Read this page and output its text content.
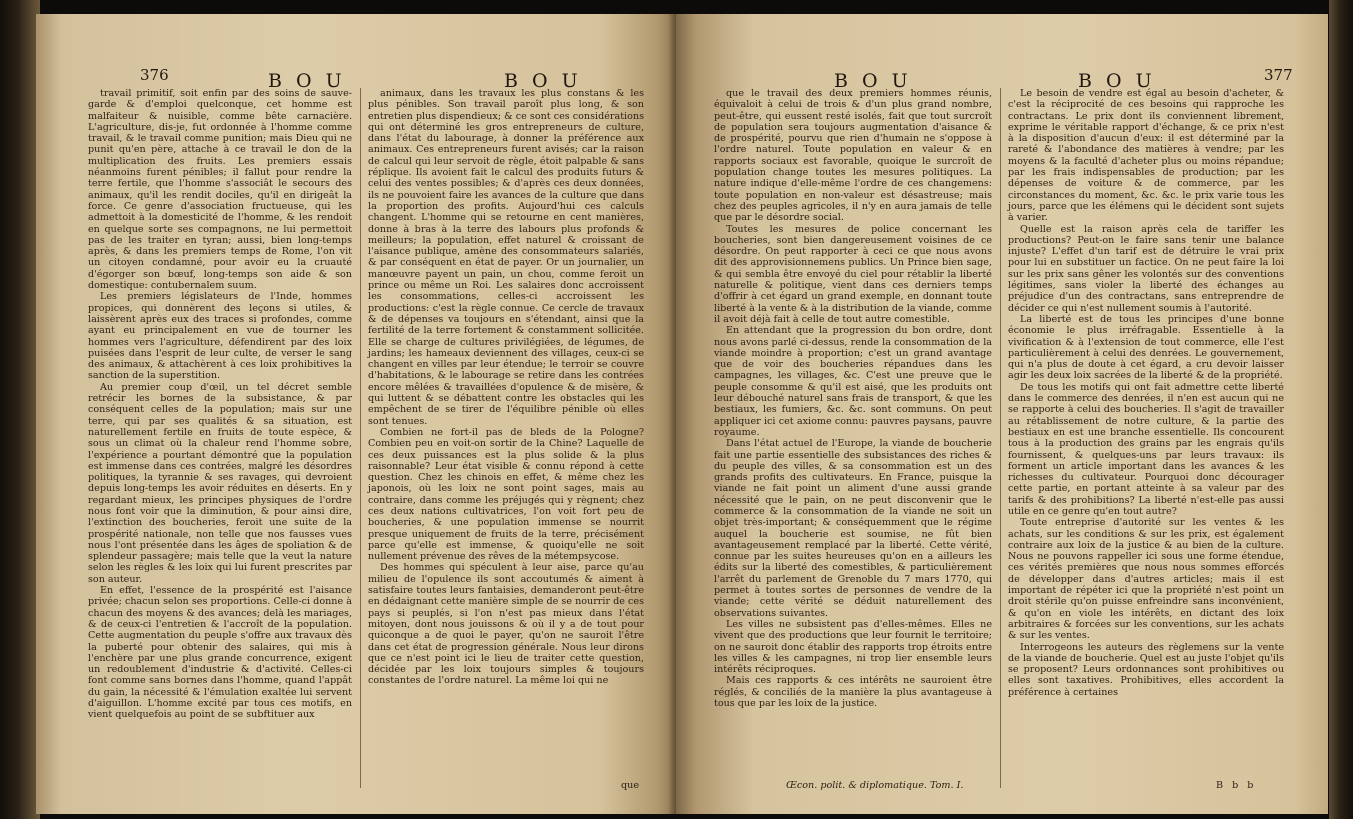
376	B O U	B O U

travail primitif, soit enfin par des soins de sauve-garde & d'emploi quelconque, cet homme est malfaiteur & nuisible, comme bête carnacière. L'agriculture, dis-je, fut ordonnée à l'homme comme travail, & le travail comme punition; mais Dieu qui ne punit qu'en père, attache à ce travail le don de la multiplication des fruits. Les premiers essais néanmoins furent pénibles; il fallut pour rendre la terre fertile, que l'homme s'associât le secours des animaux, qu'il les rendit dociles, qu'il en dirigeât la force. Ce genre d'association fructueuse, qui les admettoit à la domesticité de l'homme, & les rendoit en quelque sorte ses compagnons, ne lui permettoit pas de les traiter en tyran; aussi, bien long-temps après, & dans les premiers temps de Rome, l'on vit un citoyen condamné, pour avoir eu la cruauté d'égorger son bœuf, long-temps son aide & son domestique: contubernalem suum.

Les premiers législateurs de l'Inde, hommes propices, qui donnèrent des leçons si utiles, & laissèrent après eux des traces si profondes, comme ayant eu principalement en vue de tourner les hommes vers l'agriculture, défendirent par des loix puisées dans l'esprit de leur culte, de verser le sang des animaux, & attachèrent à ces loix prohibitives la sanction de la superstition.

Au premier coup d'œil, un tel décret semble retrécir les bornes de la subsistance, & par conséquent celles de la population; mais sur une terre, qui par ses qualités & sa situation, est naturellement fertile en fruits de toute espèce, & sous un climat où la chaleur rend l'homme sobre, l'expérience a pourtant démontré que la population est immense dans ces contrées, malgré les désordres politiques, la tyrannie & ses ravages, qui devroient depuis long-temps les avoir réduites en déserts. En y regardant mieux, les principes physiques de l'ordre nous font voir que la diminution, & pour ainsi dire, l'extinction des boucheries, feroit une suite de la prospérité nationale, non telle que nos fausses vues nous l'ont présentée dans les âges de spoliation & de splendeur passagère; mais telle que la veut la nature selon les règles & les loix qui lui furent prescrites par son auteur.

En effet, l'essence de la prospérité est l'aisance privée; chacun selon ses proportions. Celle-ci donne à chacun des moyens & des avances; delà les mariages, & de ceux-ci l'entretien & l'accroît de la population. Cette augmentation du peuple s'offre aux travaux dès la puberté pour obtenir des salaires, qui mis à l'enchère par une plus grande concurrence, exigent un redoublement d'industrie & d'activité. Celles-ci font comme sans bornes dans l'homme, quand l'appât du gain, la nécessité & l'émulation exaltée lui servent d'aiguillon. L'homme excité par tous ces motifs, en vient quelquefois au point de se subftituer aux

animaux, dans les travaux les plus constans & les plus pénibles. Son travail paroît plus long, & son entretien plus dispendieux; & ce sont ces considérations qui ont déterminé les gros entrepreneurs de culture, dans l'état du labourage, à donner la préférence aux animaux. Ces entrepreneurs furent avisés; car la raison de calcul qui leur servoit de règle, étoit palpable & sans réplique. Ils avoient fait le calcul des produits futurs & celui des ventes possibles; & d'après ces deux données, ils ne pouvoient faire les avances de la culture que dans la proportion des profits. Aujourd'hui ces calculs changent. L'homme qui se retourne en cent manières, donne à bras à la terre des labours plus profonds & meilleurs; la population, effet naturel & croissant de l'aisance publique, amène des consommateurs salariés, & par conséquent en état de payer. Or un journalier, un manœuvre payent un pain, un chou, comme feroit un prince ou même un Roi. Les salaires donc accroissent les consommations, celles-ci accroissent les productions: c'est la règle connue. Ce cercle de travaux & de dépenses va toujours en s'étendant, ainsi que la fertilité de la terre fortement & constamment sollicitée. Elle se charge de cultures privilégiées, de légumes, de jardins; les hameaux deviennent des villages, ceux-ci se changent en villes par leur étendue; le terroir se couvre d'habitations, & le labourage se retire dans les contrées encore mêlées & travaillées d'opulence & de misère, & qui luttent & se débattent contre les obstacles qui les empêchent de se tirer de l'équilibre pénible où elles sont tenues.

Combien ne fort-il pas de bleds de la Pologne? Combien peu en voit-on sortir de la Chine? Laquelle de ces deux puissances est la plus solide & la plus raisonnable? Leur état visible & connu répond à cette question. Chez les chinois en effet, & même chez les japonois, où les loix ne sont point sages, mais au contraire, dans comme les préjugés qui y règnent; chez ces deux nations cultivatrices, l'on voit fort peu de boucheries, & une population immense se nourrit presque uniquement de fruits de la terre, précisément parce qu'elle est immense, & quoiqu'elle ne soit nullement prévenue des rêves de la métempsycose.

Des hommes qui spéculent à leur aise, parce qu'au milieu de l'opulence ils sont accoutumés & aiment à satisfaire toutes leurs fantaisies, demanderont peut-être en dédaignant cette manière simple de se nourrir de ces pays si peuplés, si l'on n'est pas mieux dans l'état mitoyen, dont nous jouissons & où il y a de tout pour quiconque a de quoi le payer, qu'on ne sauroit l'être dans cet état de progression générale. Nous leur dirons que ce n'est point ici le lieu de traiter cette question, décidée par les loix toujours simples & toujours constantes de l'ordre naturel. La même loi qui ne

que
B O U	B O U	377

que le travail des deux premiers hommes réunis, équivaloit à celui de trois & d'un plus grand nombre, peut-être, qui eussent resté isolés, fait que tout surcroît de population sera toujours augmentation d'aisance & de prospérité, pourvu que rien d'humain ne s'oppose à l'ordre naturel. Toute population en valeur & en rapports sociaux est favorable, quoique le surcroît de population change toutes les mesures politiques. La nature indique d'elle-même l'ordre de ces changemens: toute population en non-valeur est désastreuse; mais chez des peuples agricoles, il n'y en aura jamais de telle que par le désordre social.

Toutes les mesures de police concernant les boucheries, sont bien dangereusement voisines de ce désordre. On peut rapporter à ceci ce que nous avons dit des approvisionnemens publics. Un Prince bien sage, & qui sembla être envoyé du ciel pour rétablir la liberté naturelle & politique, vient dans ces derniers temps d'offrir à cet égard un grand exemple, en donnant toute liberté à la vente & à la distribution de la viande, comme il avoit déjà fait à celle de tout autre comestible.

En attendant que la progression du bon ordre, dont nous avons parlé ci-dessus, rende la consommation de la viande moindre à proportion; c'est un grand avantage que de voir des boucheries répandues dans les campagnes, les villages, &c. C'est une preuve que le peuple consomme & qu'il est aisé, que les produits ont leur débouché naturel sans frais de transport, & que les bestiaux, les fumiers, &c. &c. sont communs. On peut appliquer ici cet axiome connu: pauvres paysans, pauvre royaume.

Dans l'état actuel de l'Europe, la viande de boucherie fait une partie essentielle des subsistances des riches & du peuple des villes, & sa consommation est un des grands profits des cultivateurs. En France, puisque la viande ne fait point un aliment d'une aussi grande nécessité que le pain, on ne peut disconvenir que le commerce & la consommation de la viande ne soit un objet très-important; & conséquemment que le régime auquel la boucherie est soumise, ne fût bien avantageusement remplacé par la liberté. Cette vérité, connue par les suites heureuses qu'on en a ailleurs les édits sur la liberté des comestibles, & particulièrement l'arrêt du parlement de Grenoble du 7 mars 1770, qui permet à toutes sortes de personnes de vendre de la viande; cette vérité se déduit naturellement des observations suivantes.

Les villes ne subsistent pas d'elles-mêmes. Elles ne vivent que des productions que leur fournit le territoire; on ne sauroit donc établir des rapports trop étroits entre les villes & les campagnes, ni trop lier ensemble leurs intérêts réciproques.

Mais ces rapports & ces intérêts ne sauroient être réglés, & conciliés de la manière la plus avantageuse à tous que par les loix de la justice.

Le besoin de vendre est égal au besoin d'acheter, & c'est la réciprocité de ces besoins qui rapproche les contractans. Le prix dont ils conviennent librement, exprime le véritable rapport d'échange, & ce prix n'est à la disposition d'aucun d'eux: il est déterminé par la rareté & l'abondance des matières à vendre; par les moyens & la faculté d'acheter plus ou moins répandue; par les frais indispensables de production; par les dépenses de voiture & de commerce, par les circonstances du moment, &c. &c. le prix varie tous les jours, parce que les élémens qui le décident sont sujets à varier.

Quelle est la raison après cela de tariffer les productions? Peut-on le faire sans tenir une balance injuste? L'effet d'un tarif est de détruire le vrai prix pour lui en substituer un factice. On ne peut faire la loi sur les prix sans gêner les volontés sur des conventions légitimes, sans violer la liberté des échanges au préjudice d'un des contractans, sans entreprendre de décider ce qui n'est nullement soumis à l'autorité.

La liberté est de tous les principes d'une bonne économie le plus irréfragable. Essentielle à la vivification & à l'extension de tout commerce, elle l'est particulièrement à celui des denrées. Le gouvernement, qui n'a plus de doute à cet égard, a cru devoir laisser agir les deux loix sacrées de la liberté & de la propriété.

De tous les motifs qui ont fait admettre cette liberté dans le commerce des denrées, il n'en est aucun qui ne se rapporte à celui des boucheries. Il s'agit de travailler au rétablissement de notre culture, & la partie des bestiaux en est une branche essentielle. Ils concourent tous à la production des grains par les engrais qu'ils fournissent, & quelques-uns par leurs travaux: ils forment un article important dans les avances & les richesses du cultivateur. Pourquoi donc décourager cette partie, en portant atteinte à sa valeur par des tarifs & des prohibitions? La liberté n'est-elle pas aussi utile en ce genre qu'en tout autre?

Toute entreprise d'autorité sur les ventes & les achats, sur les conditions & sur les prix, est également contraire aux loix de la justice & au bien de la culture. Nous ne pouvons rappeller ici sous une forme étendue, ces vérités premières que nous nous sommes efforcés de développer dans d'autres articles; mais il est important de répéter ici que la propriété n'est point un droit stérile qu'on puisse enfreindre sans inconvénient, & qu'on en viole les intérêts, en dictant des loix arbitraires & forcées sur les conventions, sur les achats & sur les ventes.

Interrogeons les auteurs des règlemens sur la vente de la viande de boucherie. Quel est au juste l'objet qu'ils se proposent? Leurs ordonnances sont prohibitives ou elles sont taxatives. Prohibitives, elles accordent la préférence à certaines

Œcon. polit. & diplomatique. Tom. I.	B b b
